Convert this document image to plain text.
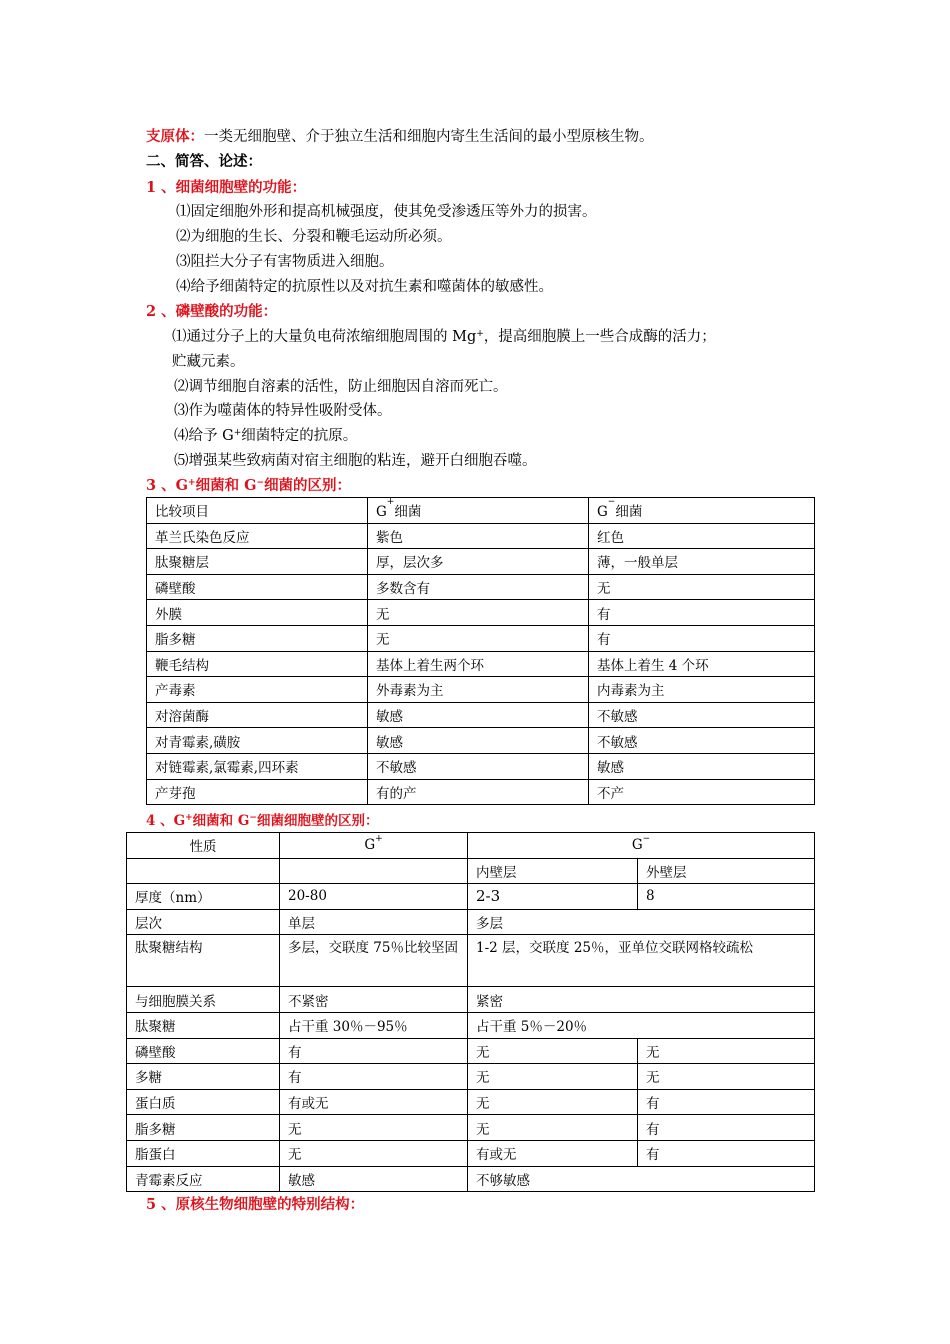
支原体：一类无细胞壁、介于独立生活和细胞内寄生生活间的最小型原核生物。
二、简答、论述：
1 、细菌细胞壁的功能：
⑴固定细胞外形和提高机械强度，使其免受渗透压等外力的损害。
⑵为细胞的生长、分裂和鞭毛运动所必须。
⑶阻拦大分子有害物质进入细胞。
⑷给予细菌特定的抗原性以及对抗生素和噬菌体的敏感性。
2 、磷壁酸的功能：
⑴通过分子上的大量负电荷浓缩细胞周围的 Mg+，提高细胞膜上一些合成酶的活力；
贮藏元素。
⑵调节细胞自溶素的活性，防止细胞因自溶而死亡。
⑶作为噬菌体的特异性吸附受体。
⑷给予 G+细菌特定的抗原。
⑸增强某些致病菌对宿主细胞的粘连，避开白细胞吞噬。
3 、G+细菌和 G−细菌的区别：
比较项目	G+细菌	G−细菌
革兰氏染色反应	紫色	红色
肽聚糖层	厚，层次多	薄，一般单层
磷壁酸	多数含有	无
外膜	无	有
脂多糖	无	有
鞭毛结构	基体上着生两个环	基体上着生 4 个环
产毒素	外毒素为主	内毒素为主
对溶菌酶	敏感	不敏感
对青霉素,磺胺	敏感	不敏感
对链霉素,氯霉素,四环素	不敏感	敏感
产芽孢	有的产	不产
4 、G+细菌和 G−细菌细胞壁的区别：
性质	G+	G−
		内壁层	外壁层
厚度（nm）	20-80	2-3	8
层次	单层	多层	
肽聚糖结构	多层，交联度 75％比较坚固	1-2 层，交联度 25％，亚单位交联网格较疏松	
与细胞膜关系	不紧密	紧密	
肽聚糖	占干重 30％－95％	占干重 5％－20％	
磷壁酸	有	无	无
多糖	有	无	无
蛋白质	有或无	无	有
脂多糖	无	无	有
脂蛋白	无	有或无	有
青霉素反应	敏感	不够敏感	
5 、原核生物细胞壁的特别结构：
